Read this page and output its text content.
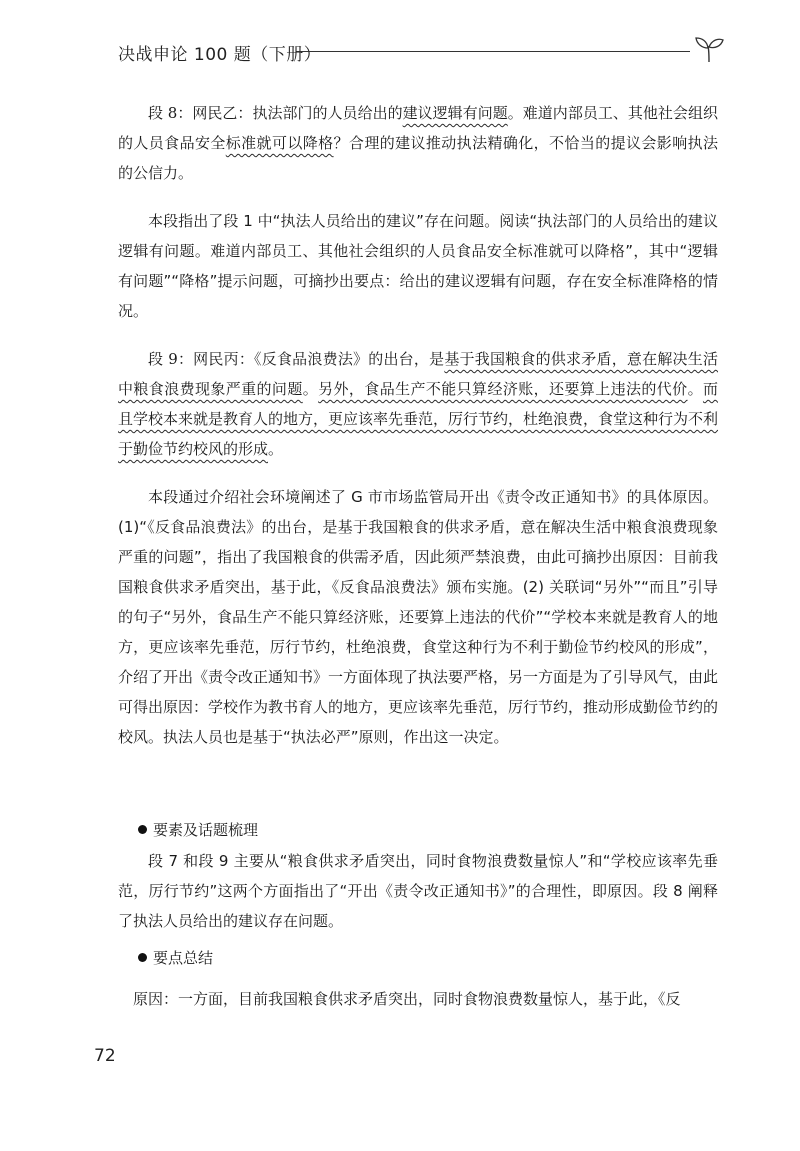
决战申论 100 题（下册）

段 8：网民乙：执法部门的人员给出的建议逻辑有问题。难道内部员工、其他社会组织的人员食品安全标准就可以降格？合理的建议推动执法精确化，不恰当的提议会影响执法的公信力。

本段指出了段 1 中“执法人员给出的建议”存在问题。阅读“执法部门的人员给出的建议逻辑有问题。难道内部员工、其他社会组织的人员食品安全标准就可以降格”，其中“逻辑有问题”“降格”提示问题，可摘抄出要点：给出的建议逻辑有问题，存在安全标准降格的情况。

段 9：网民丙：《反食品浪费法》的出台，是基于我国粮食的供求矛盾，意在解决生活中粮食浪费现象严重的问题。另外，食品生产不能只算经济账，还要算上违法的代价。而且学校本来就是教育人的地方，更应该率先垂范，厉行节约，杜绝浪费，食堂这种行为不利于勤俭节约校风的形成。

本段通过介绍社会环境阐述了 G 市市场监管局开出《责令改正通知书》的具体原因。(1)“《反食品浪费法》的出台，是基于我国粮食的供求矛盾，意在解决生活中粮食浪费现象严重的问题”，指出了我国粮食的供需矛盾，因此须严禁浪费，由此可摘抄出原因：目前我国粮食供求矛盾突出，基于此，《反食品浪费法》颁布实施。(2) 关联词“另外”“而且”引导的句子“另外，食品生产不能只算经济账，还要算上违法的代价”“学校本来就是教育人的地方，更应该率先垂范，厉行节约，杜绝浪费，食堂这种行为不利于勤俭节约校风的形成”，介绍了开出《责令改正通知书》一方面体现了执法要严格，另一方面是为了引导风气，由此可得出原因：学校作为教书育人的地方，更应该率先垂范，厉行节约，推动形成勤俭节约的校风。执法人员也是基于“执法必严”原则，作出这一决定。

要素及话题梳理

段 7 和段 9 主要从“粮食供求矛盾突出，同时食物浪费数量惊人”和“学校应该率先垂范，厉行节约”这两个方面指出了“开出《责令改正通知书》”的合理性，即原因。段 8 阐释了执法人员给出的建议存在问题。

要点总结

原因：一方面，目前我国粮食供求矛盾突出，同时食物浪费数量惊人，基于此，《反

72
